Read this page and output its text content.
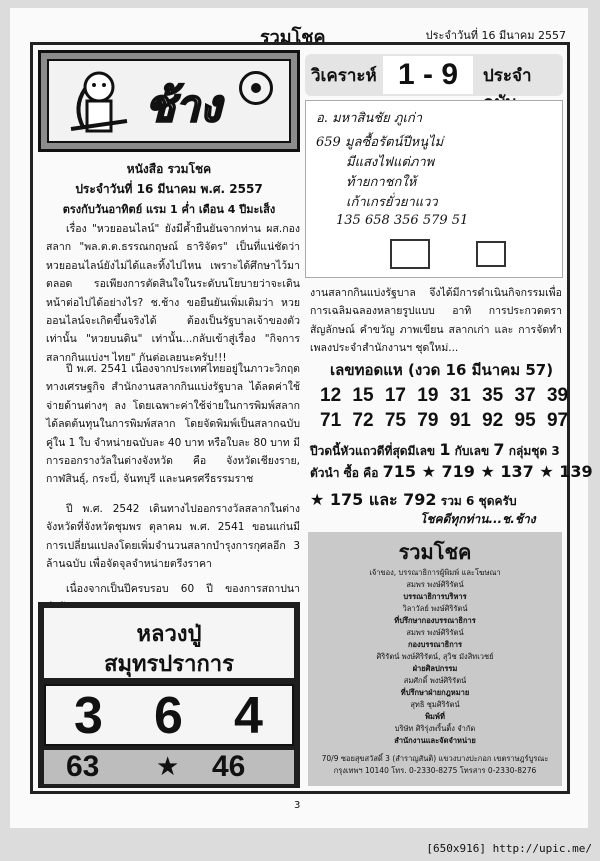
รวมโชค	ประจำวันที่ 16 มีนาคม 2557
ช้าง
หนังสือ รวมโชค
ประจำวันที่ 16 มีนาคม พ.ศ. 2557
ตรงกับวันอาทิตย์ แรม 1 ค่ำ เดือน 4 ปีมะเส็ง
เรื่อง "หวยออนไลน์" ยังมีค้ำยืนยันจากท่าน ผส.กองสลาก "พล.ต.ต.ธรรณกฤษณ์ ธาริจัตร" เป็นที่แน่ชัดว่า หวยออนไลน์ยังไม่ได้และทิ้งไปไหน เพราะได้ศึกษาไว้มาตลอด รอเพียงการตัดสินใจในระดับนโยบายว่าจะเดินหน้าต่อไปได้อย่างไร? ช.ช้าง ขอยืนยันเพิ่มเติมว่า หวยออนไลน์จะเกิดขึ้นจริงได้ ต้องเป็นรัฐบาลเจ้าของตัวเท่านั้น "หวยบนดิน" เท่านั้น...กลับเข้าสู่เรื่อง "กิจการสลากกินแบ่งฯ ไทย" กันต่อเลยนะครับ!!!
ปี พ.ศ. 2541 เนื่องจากประเทศไทยอยู่ในภาวะวิกฤตทางเศรษฐกิจ สำนักงานสลากกินแบ่งรัฐบาล ได้ลดค่าใช้จ่ายด้านต่างๆ ลง โดยเฉพาะค่าใช้จ่ายในการพิมพ์สลาก ได้ลดต้นทุนในการพิมพ์สลาก โดยจัดพิมพ์เป็นสลากฉบับคู่ใน 1 ใบ จำหน่ายฉบับละ 40 บาท หรือใบละ 80 บาท มีการออกรางวัลในต่างจังหวัด คือ จังหวัดเชียงราย, กาฬสินธุ์, กระบี่, จันทบุรี และนครศรีธรรมราช
ปี พ.ศ. 2542 เดินทางไปออกรางวัลสลากในต่างจังหวัดที่จังหวัดชุมพร ตุลาคม พ.ศ. 2541 ขอนแก่นมีการเปลี่ยนแปลงโดยเพิ่มจำนวนสลากบำรุงการกุศลอีก 3 ล้านฉบับ เพื่อจัดจุลจำหน่ายตรีงราคา
เนื่องจากเป็นปีครบรอบ 60 ปี ของการสถาปนา
หลวงปู่
สมุทรปราการ
3 6 4
63 ★ 46
วิเคราะห์ 1 - 9	ประจำ
อ. มหาสินชัย ภูเก่า
659 มูลซื้อรัตน์ปีหนูไม่
มีแสงไฟแต่ภาพ
ท้ายกาชกให้
เก้าเกรยั่วยาแวว
135 658 356 579 51
งานสลากกินแบ่งรัฐบาล จึงได้มีการดำเนินกิจกรรมเพื่อการเฉลิมฉลองหลายรูปแบบ อาทิ การประกวดตราสัญลักษณ์ คำขวัญ ภาพเขียน สลากเก่า และ การจัดทำเพลงประจำสำนักงานฯ ชุดใหม่...
เลขทอดแห (งวด 16 มีนาคม 57)
12 15 17 19 31 35 37 39
71 72 75 79 91 92 95 97
ปีวดนี้หัวแถวดีที่สุดมีเลข 1 กับเลข 7 กลุ่มชุด 3
ตัวนำ ซื้อ คือ 715 ★ 719 ★ 137 ★ 139
★ 175 และ 792 รวม 6 ชุดครับ
โชคดีทุกท่าน...ช.ช้าง
รวมโชค
เจ้าของ, บรรณาธิการผู้พิมพ์ และโฆษณา
สมพร พงษ์ศิริรัตน์
บรรณาธิการบริหาร
วิลาวัลย์ พงษ์ศิริรัตน์
ที่ปรึกษากองบรรณาธิการ
สมพร พงษ์ศิริรัตน์
กองบรรณาธิการ
ศิริรัตน์ พงษ์ศิริรัตน์, สุวิช มังสิทเวชย์
ฝ่ายศิลปกรรม
สมศักดิ์ พงษ์ศิริรัตน์
ที่ปรึกษาฝ่ายกฎหมาย
สุทธิ ชุมศิริรัตน์
พิมพ์ที่
บริษัท ศิริรุ่งพริ้นติ้ง จำกัด
สำนักงานและจัดจำหน่าย
70/9 ซอยสุขสวัสดิ์ 3 (สำราญสันติ) แขวงบางปะกอก เขตราษฎร์บูรณะ
กรุงเทพฯ 10140 โทร. 0-2330-8275 โทรสาร 0-2330-8276
3
[650x916] http://upic.me/
